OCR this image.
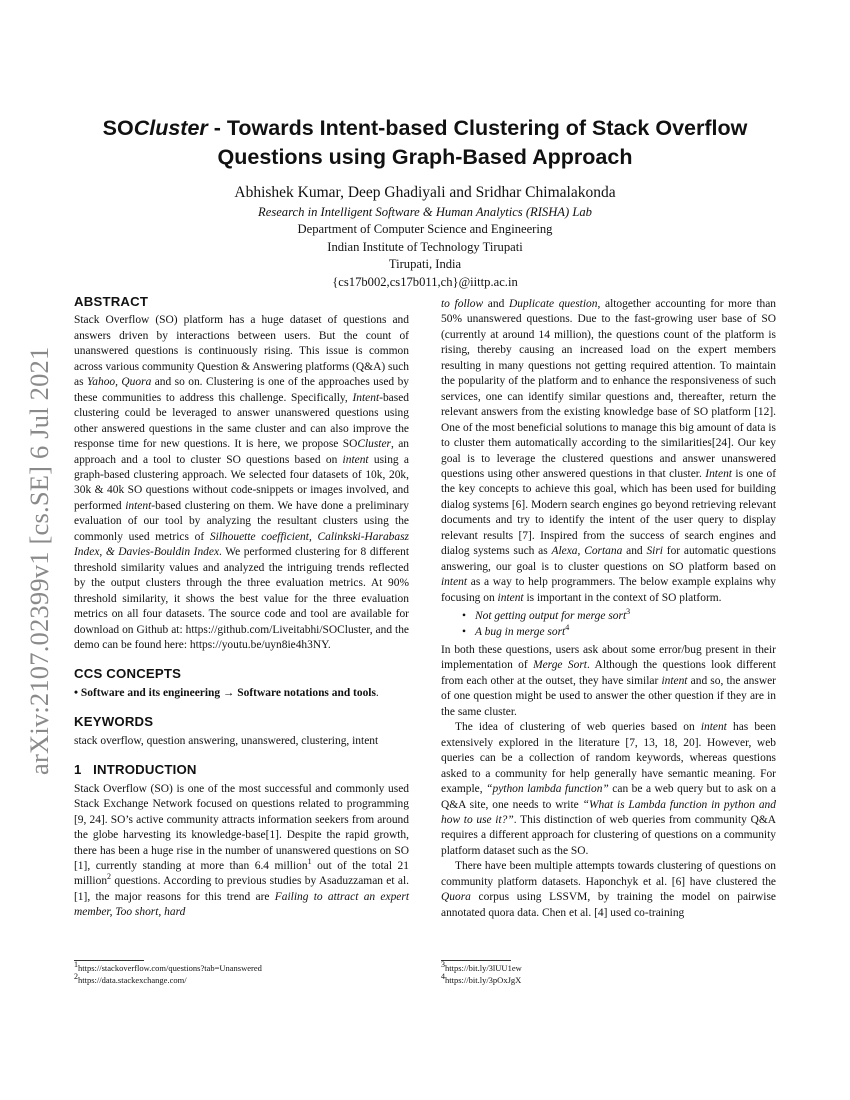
arXiv:2107.02399v1 [cs.SE] 6 Jul 2021
SOCluster - Towards Intent-based Clustering of Stack Overflow
Questions using Graph-Based Approach
Abhishek Kumar, Deep Ghadiyali and Sridhar Chimalakonda
Research in Intelligent Software & Human Analytics (RISHA) Lab
Department of Computer Science and Engineering
Indian Institute of Technology Tirupati
Tirupati, India
{cs17b002,cs17b011,ch}@iittp.ac.in
ABSTRACT

Stack Overflow (SO) platform has a huge dataset of questions and answers driven by interactions between users. But the count of unanswered questions is continuously rising. This issue is common across various community Question & Answering platforms (Q&A) such as Yahoo, Quora and so on. Clustering is one of the approaches used by these communities to address this challenge. Specifically, Intent-based clustering could be leveraged to answer unanswered questions using other answered questions in the same cluster and can also improve the response time for new questions. It is here, we propose SOCluster, an approach and a tool to cluster SO questions based on intent using a graph-based clustering approach. We selected four datasets of 10k, 20k, 30k & 40k SO questions without code-snippets or images involved, and performed intent-based clustering on them. We have done a preliminary evaluation of our tool by analyzing the resultant clusters using the commonly used metrics of Silhouette coefficient, Calinkski-Harabasz Index, & Davies-Bouldin Index. We performed clustering for 8 different threshold similarity values and analyzed the intriguing trends reflected by the output clusters through the three evaluation metrics. At 90% threshold similarity, it shows the best value for the three evaluation metrics on all four datasets. The source code and tool are available for download on Github at: https://github.com/Liveitabhi/SOCluster, and the demo can be found here: https://youtu.be/uyn8ie4h3NY.

CCS CONCEPTS

• Software and its engineering → Software notations and tools.

KEYWORDS

stack overflow, question answering, unanswered, clustering, intent

1   INTRODUCTION

Stack Overflow (SO) is one of the most successful and commonly used Stack Exchange Network focused on questions related to programming [9, 24]. SO’s active community attracts information seekers from around the globe harvesting its knowledge-base[1]. Despite the rapid growth, there has been a huge rise in the number of unanswered questions on SO [1], currently standing at more than 6.4 million$^1$ out of the total 21 million$^2$ questions. According to previous studies by Asaduzzaman et al.[1], the major reasons for this trend are Failing to attract an expert member, Too short, hard

to follow and Duplicate question, altogether accounting for more than 50% unanswered questions. Due to the fast-growing user base of SO (currently at around 14 million), the questions count of the platform is rising, thereby causing an increased load on the expert members resulting in many questions not getting required attention. To maintain the popularity of the platform and to enhance the responsiveness of such services, one can identify similar questions and, thereafter, return the relevant answers from the existing knowledge base of SO platform [12]. One of the most beneficial solutions to manage this big amount of data is to cluster them automatically according to the similarities[24]. Our key goal is to leverage the clustered questions and answer unanswered questions using other answered questions in that cluster. Intent is one of the key concepts to achieve this goal, which has been used for building dialog systems [6]. Modern search engines go beyond retrieving relevant documents and try to identify the intent of the user query to display relevant results [7]. Inspired from the success of search engines and dialog systems such as Alexa, Cortana and Siri for automatic questions answering, our goal is to cluster questions on SO platform based on intent as a way to help programmers. The below example explains why focusing on intent is important in the context of SO platform.

• Not getting output for merge sort$^3$
• A bug in merge sort$^4$

In both these questions, users ask about some error/bug present in their implementation of Merge Sort. Although the questions look different from each other at the outset, they have similar intent and so, the answer of one question might be used to answer the other question if they are in the same cluster.

The idea of clustering of web queries based on intent has been extensively explored in the literature [7, 13, 18, 20]. However, web queries can be a collection of random keywords, whereas questions asked to a community for help generally have semantic meaning. For example, “python lambda function” can be a web query but to ask on a Q&A site, one needs to write “What is Lambda function in python and how to use it?”. This distinction of web queries from community Q&A requires a different approach for clustering of questions on a community platform dataset such as the SO.

There have been multiple attempts towards clustering of questions on community platform datasets. Haponchyk et al. [6] have clustered the Quora corpus using LSSVM, by training the model on pairwise annotated quora data. Chen et al. [4] used co-training

$^1$https://stackoverflow.com/questions?tab=Unanswered
$^2$https://data.stackexchange.com/
$^3$https://bit.ly/3lUU1ew
$^4$https://bit.ly/3pOxJgX
